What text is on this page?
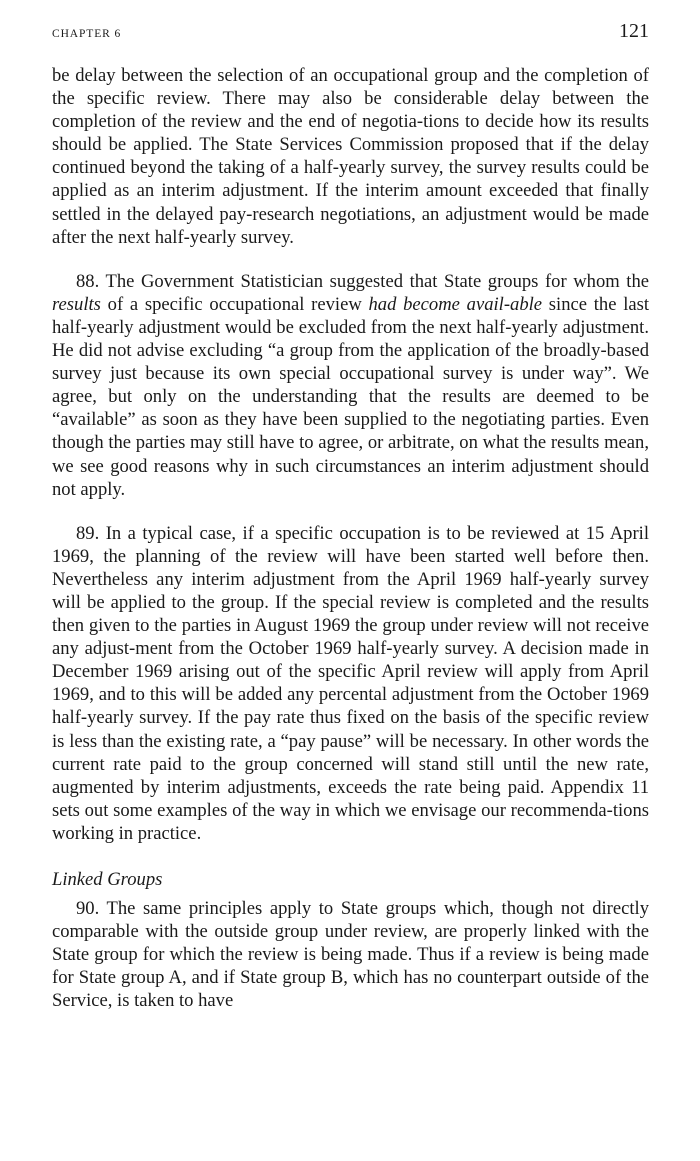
CHAPTER 6	121

be delay between the selection of an occupational group and the completion of the specific review. There may also be considerable delay between the completion of the review and the end of negotia-tions to decide how its results should be applied. The State Services Commission proposed that if the delay continued beyond the taking of a half-yearly survey, the survey results could be applied as an interim adjustment. If the interim amount exceeded that finally settled in the delayed pay-research negotiations, an adjustment would be made after the next half-yearly survey.

88. The Government Statistician suggested that State groups for whom the results of a specific occupational review had become avail-able since the last half-yearly adjustment would be excluded from the next half-yearly adjustment. He did not advise excluding “a group from the application of the broadly-based survey just because its own special occupational survey is under way”. We agree, but only on the understanding that the results are deemed to be “available” as soon as they have been supplied to the negotiating parties. Even though the parties may still have to agree, or arbitrate, on what the results mean, we see good reasons why in such circumstances an interim adjustment should not apply.

89. In a typical case, if a specific occupation is to be reviewed at 15 April 1969, the planning of the review will have been started well before then. Nevertheless any interim adjustment from the April 1969 half-yearly survey will be applied to the group. If the special review is completed and the results then given to the parties in August 1969 the group under review will not receive any adjust-ment from the October 1969 half-yearly survey. A decision made in December 1969 arising out of the specific April review will apply from April 1969, and to this will be added any percental adjustment from the October 1969 half-yearly survey. If the pay rate thus fixed on the basis of the specific review is less than the existing rate, a “pay pause” will be necessary. In other words the current rate paid to the group concerned will stand still until the new rate, augmented by interim adjustments, exceeds the rate being paid. Appendix 11 sets out some examples of the way in which we envisage our recommenda-tions working in practice.

Linked Groups

90. The same principles apply to State groups which, though not directly comparable with the outside group under review, are properly linked with the State group for which the review is being made. Thus if a review is being made for State group A, and if State group B, which has no counterpart outside of the Service, is taken to have
